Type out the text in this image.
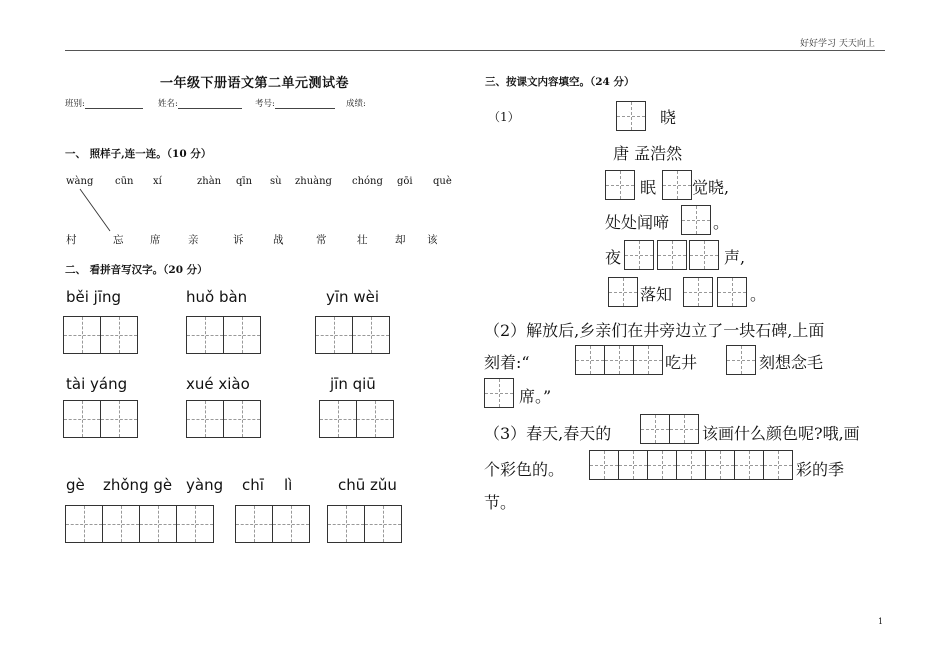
好好学习 天天向上
一年级下册语文第二单元测试卷
班别:	姓名:	考号:	成绩:
一、 照样子,连一连。（10 分）
wàng cūn xí	zhàn qīn sù zhuàng chóng gōi què
村	忘	席	亲	诉	战	常	壮	却 该
二、 看拼音写汉字。（20 分）
běi jīng	huǒ bàn	yīn wèi
tài yáng	xué xiào	jīn qiū
gè zhǒng gè yàng chī lì	chū zǔu
三、按课文内容填空。（24 分）
（1）	晓
唐 孟浩然
眠 觉晓,
处处闻啼	。
夜	声,
落知	。
（2）解放后,乡亲们在井旁边立了一块石碑,上面
刻着:“	吃井	刻想念毛
席。”
（3）春天,春天的	该画什么颜色呢?哦,画
个彩色的。	彩的季
节。
1
